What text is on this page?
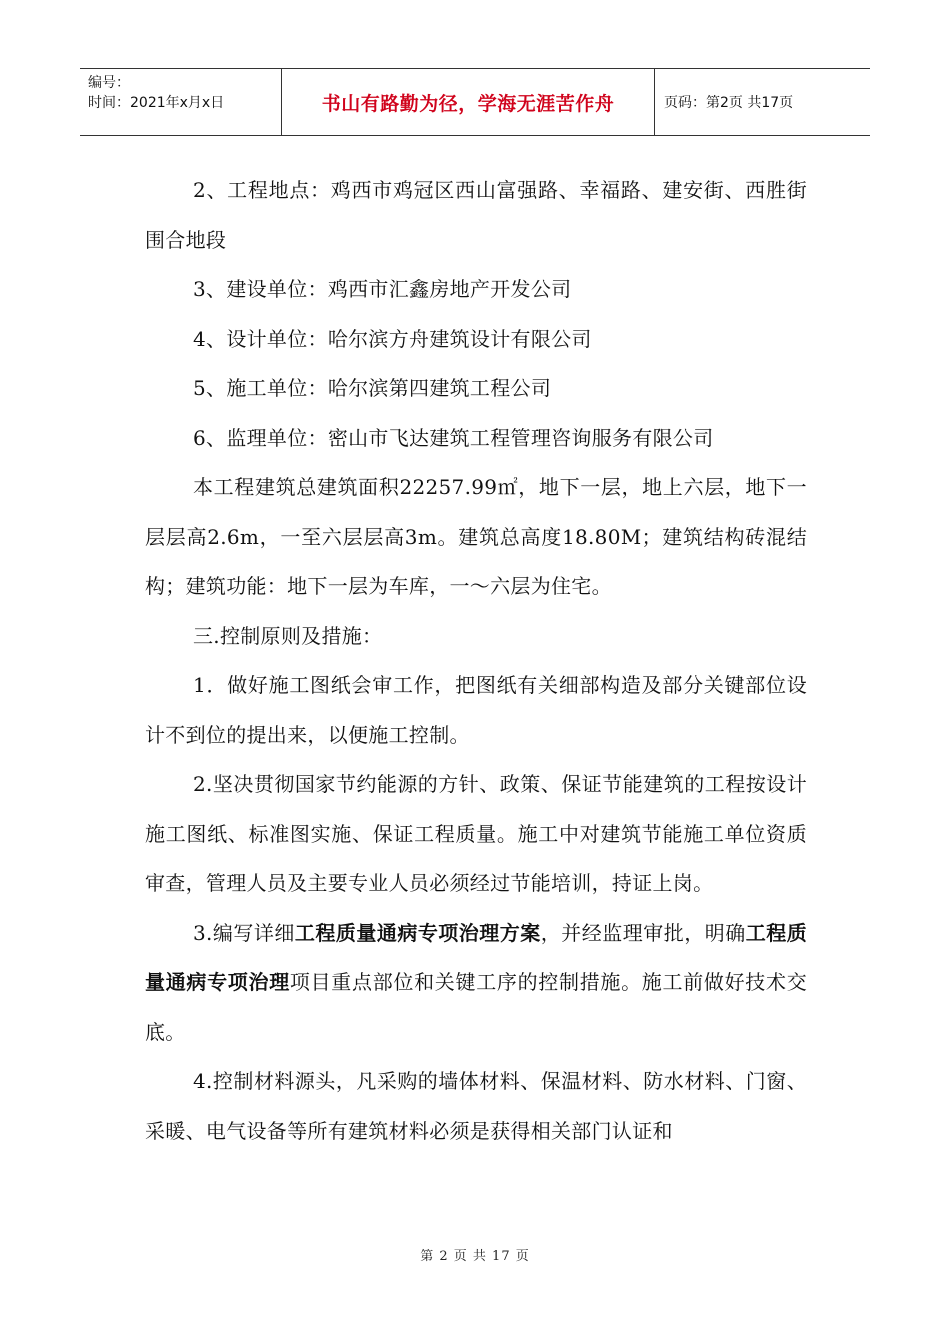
编号：
时间：2021年x月x日	书山有路勤为径，学海无涯苦作舟	页码：第2页 共17页

2、工程地点：鸡西市鸡冠区西山富强路、幸福路、建安街、西胜街围合地段

3、建设单位：鸡西市汇鑫房地产开发公司

4、设计单位：哈尔滨方舟建筑设计有限公司

5、施工单位：哈尔滨第四建筑工程公司

6、监理单位：密山市飞达建筑工程管理咨询服务有限公司

本工程建筑总建筑面积22257.99㎡，地下一层，地上六层，地下一层层高2.6m，一至六层层高3m。建筑总高度18.80M；建筑结构砖混结构；建筑功能：地下一层为车库，一～六层为住宅。

三.控制原则及措施：

1．做好施工图纸会审工作，把图纸有关细部构造及部分关键部位设计不到位的提出来，以便施工控制。

2.坚决贯彻国家节约能源的方针、政策、保证节能建筑的工程按设计施工图纸、标准图实施、保证工程质量。施工中对建筑节能施工单位资质审查，管理人员及主要专业人员必须经过节能培训，持证上岗。

3.编写详细工程质量通病专项治理方案，并经监理审批，明确工程质量通病专项治理项目重点部位和关键工序的控制措施。施工前做好技术交底。

4.控制材料源头，凡采购的墙体材料、保温材料、防水材料、门窗、采暖、电气设备等所有建筑材料必须是获得相关部门认证和

第 2 页 共 17 页
